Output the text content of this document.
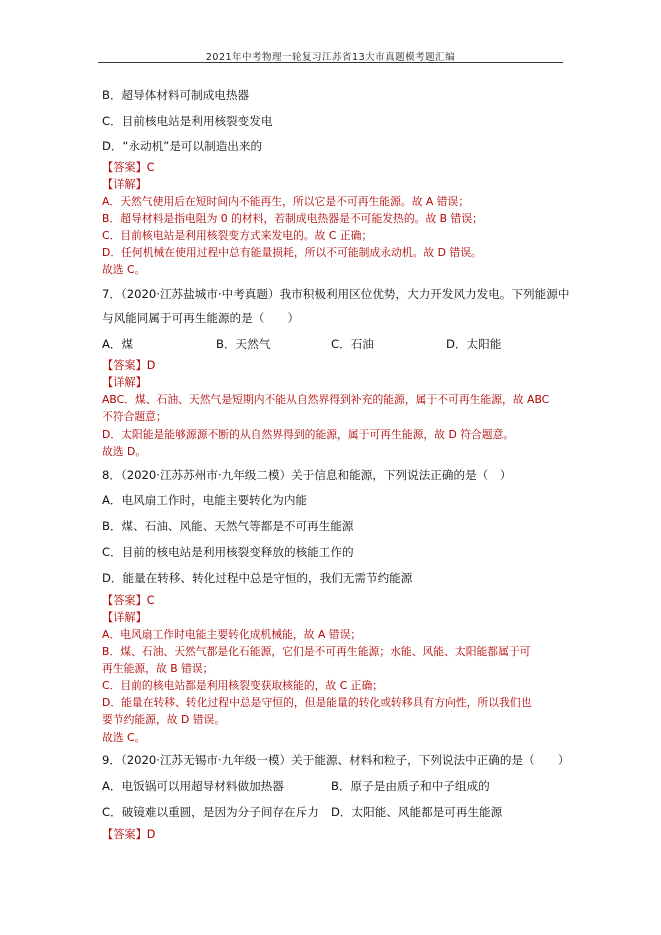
2021年中考物理一轮复习江苏省13大市真题模考题汇编
B．超导体材料可制成电热器
C．目前核电站是利用核裂变发电
D．“永动机”是可以制造出来的
【答案】C
【详解】
A．天然气使用后在短时间内不能再生，所以它是不可再生能源。故 A 错误；
B．超导材料是指电阻为 0 的材料，若制成电热器是不可能发热的。故 B 错误；
C．目前核电站是利用核裂变方式来发电的。故 C 正确；
D．任何机械在使用过程中总有能量损耗，所以不可能制成永动机。故 D 错误。
故选 C。
7．（2020·江苏盐城市·中考真题）我市积极利用区位优势，大力开发风力发电。下列能源中
与风能同属于可再生能源的是（　　）
A．煤	B．天然气	C．石油	D．太阳能
【答案】D
【详解】
ABC．煤、石油、天然气是短期内不能从自然界得到补充的能源，属于不可再生能源，故 ABC
不符合题意；
D．太阳能是能够源源不断的从自然界得到的能源，属于可再生能源，故 D 符合题意。
故选 D。
8．（2020·江苏苏州市·九年级二模）关于信息和能源，下列说法正确的是（　）
A．电风扇工作时，电能主要转化为内能
B．煤、石油、风能、天然气等都是不可再生能源
C．目前的核电站是利用核裂变释放的核能工作的
D．能量在转移、转化过程中总是守恒的，我们无需节约能源
【答案】C
【详解】
A．电风扇工作时电能主要转化成机械能，故 A 错误；
B．煤、石油、天然气都是化石能源，它们是不可再生能源；水能、风能、太阳能都属于可
再生能源，故 B 错误；
C．目前的核电站都是利用核裂变获取核能的，故 C 正确；
D．能量在转移、转化过程中总是守恒的，但是能量的转化或转移具有方向性，所以我们也
要节约能源，故 D 错误。
故选 C。
9．（2020·江苏无锡市·九年级一模）关于能源、材料和粒子，下列说法中正确的是（　　）
A．电饭锅可以用超导材料做加热器	B．原子是由质子和中子组成的
C．破镜难以重圆，是因为分子间存在斥力 D．太阳能、风能都是可再生能源
【答案】D
